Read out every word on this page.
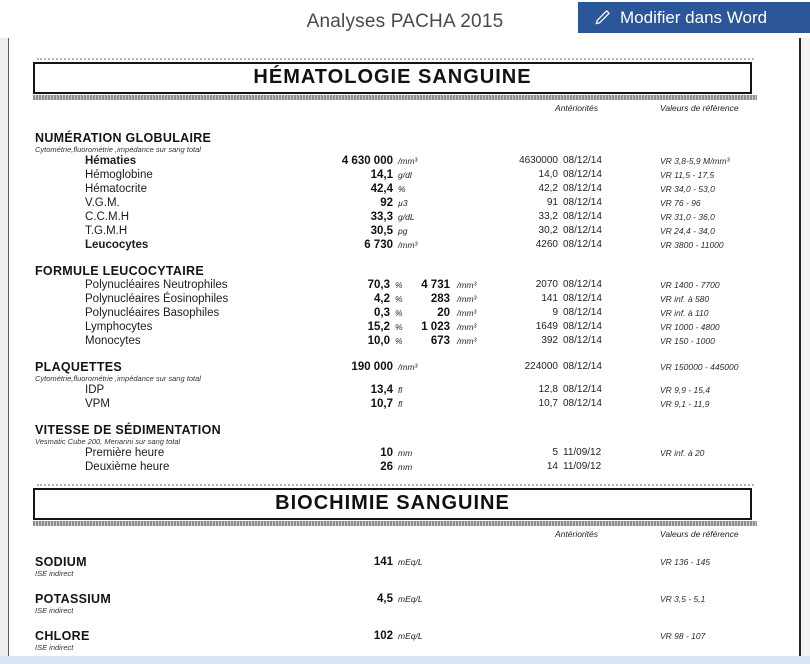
Analyses PACHA 2015	Modifier dans Word
HÉMATOLOGIE SANGUINE
Antériorités	Valeurs de référence
NUMÉRATION GLOBULAIRE
Cytométrie,fluorométrie ,impédance sur sang total
Hématies	4 630 000 /mm³	4630000 08/12/14	VR 3,8-5,9 M/mm³
Hémoglobine	14,1 g/dl	14,0 08/12/14	VR 11,5 - 17,5
Hématocrite	42,4 %	42,2 08/12/14	VR 34,0 - 53,0
V.G.M.	92 µ3	91 08/12/14	VR 76 - 96
C.C.M.H	33,3 g/dL	33,2 08/12/14	VR 31,0 - 36,0
T.G.M.H	30,5 pg	30,2 08/12/14	VR 24,4 - 34,0
Leucocytes	6 730 /mm³	4260 08/12/14	VR 3800 - 11000
FORMULE LEUCOCYTAIRE
Polynucléaires Neutrophiles	70,3 %	4 731 /mm³	2070 08/12/14	VR 1400 - 7700
Polynucléaires Éosinophiles	4,2 %	283 /mm³	141 08/12/14	VR inf. à 580
Polynucléaires Basophiles	0,3 %	20 /mm³	9 08/12/14	VR inf. à 110
Lymphocytes	15,2 %	1 023 /mm³	1649 08/12/14	VR 1000 - 4800
Monocytes	10,0 %	673 /mm³	392 08/12/14	VR 150 - 1000
PLAQUETTES	190 000 /mm³	224000 08/12/14	VR 150000 - 445000
Cytométrie,fluorométrie ,impédance sur sang total
IDP	13,4 fl	12,8 08/12/14	VR 9,9 - 15,4
VPM	10,7 fl	10,7 08/12/14	VR 9,1 - 11,9
VITESSE DE SÉDIMENTATION
Vesmatic Cube 200, Menarini sur sang total
Première heure	10 mm	5 11/09/12	VR inf. à 20
Deuxième heure	26 mm	14 11/09/12
BIOCHIMIE SANGUINE
Antériorités	Valeurs de référence
SODIUM	141 mEq/L	VR 136 - 145
ISE indirect
POTASSIUM	4,5 mEq/L	VR 3,5 - 5,1
ISE indirect
CHLORE	102 mEq/L	VR 98 - 107
ISE indirect
